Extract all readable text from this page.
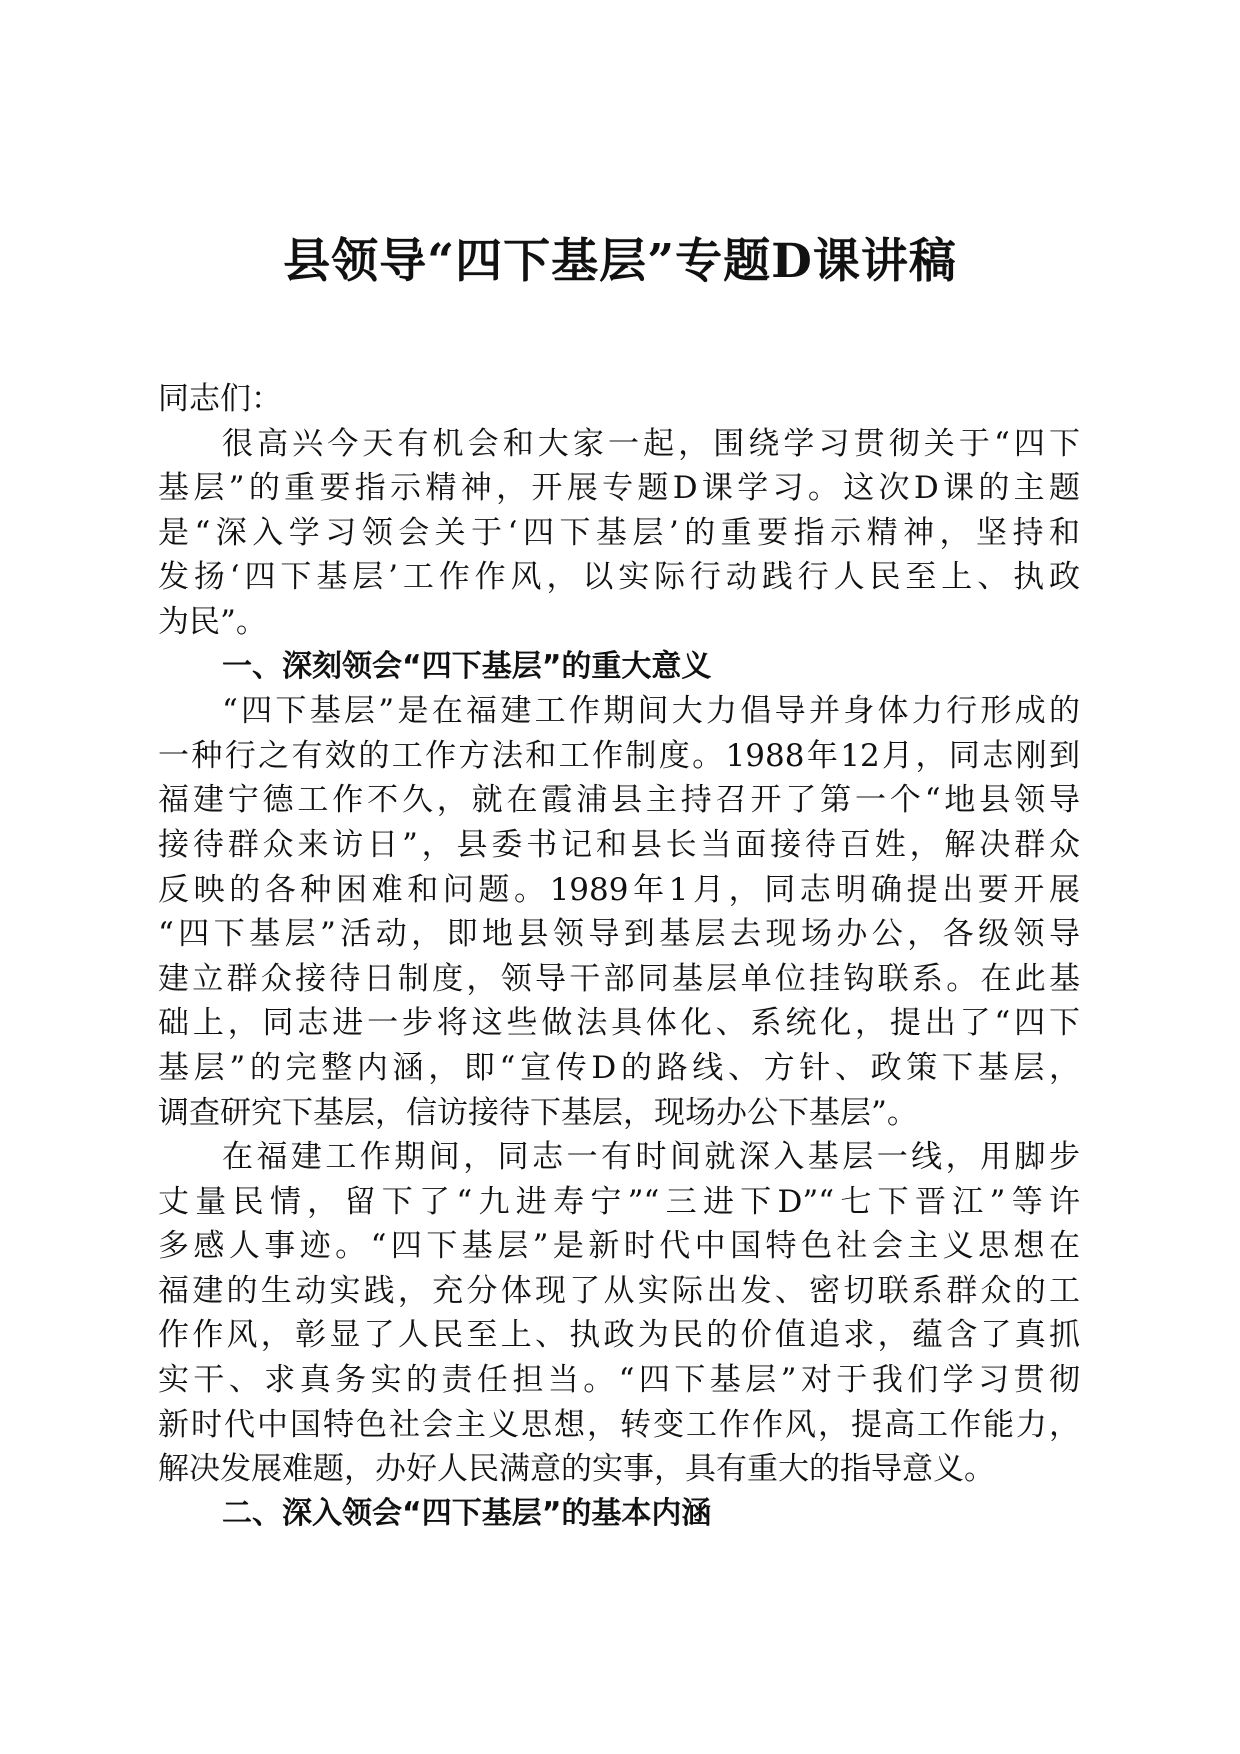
县领导“四下基层”专题D课讲稿
同志们：
很高兴今天有机会和大家一起，围绕学习贯彻关于“四下
基层”的重要指示精神，开展专题D课学习。这次D课的主题
是“深入学习领会关于‘四下基层’的重要指示精神，坚持和
发扬‘四下基层’工作作风，以实际行动践行人民至上、执政
为民”。
一、深刻领会“四下基层”的重大意义
“四下基层”是在福建工作期间大力倡导并身体力行形成的
一种行之有效的工作方法和工作制度。1988年12月，同志刚到
福建宁德工作不久，就在霞浦县主持召开了第一个“地县领导
接待群众来访日”，县委书记和县长当面接待百姓，解决群众
反映的各种困难和问题。1989年1月，同志明确提出要开展
“四下基层”活动，即地县领导到基层去现场办公，各级领导
建立群众接待日制度，领导干部同基层单位挂钩联系。在此基
础上，同志进一步将这些做法具体化、系统化，提出了“四下
基层”的完整内涵，即“宣传D的路线、方针、政策下基层，
调查研究下基层，信访接待下基层，现场办公下基层”。
在福建工作期间，同志一有时间就深入基层一线，用脚步
丈量民情，留下了“九进寿宁”“三进下D”“七下晋江”等许
多感人事迹。“四下基层”是新时代中国特色社会主义思想在
福建的生动实践，充分体现了从实际出发、密切联系群众的工
作作风，彰显了人民至上、执政为民的价值追求，蕴含了真抓
实干、求真务实的责任担当。“四下基层”对于我们学习贯彻
新时代中国特色社会主义思想，转变工作作风，提高工作能力，
解决发展难题，办好人民满意的实事，具有重大的指导意义。
二、深入领会“四下基层”的基本内涵
